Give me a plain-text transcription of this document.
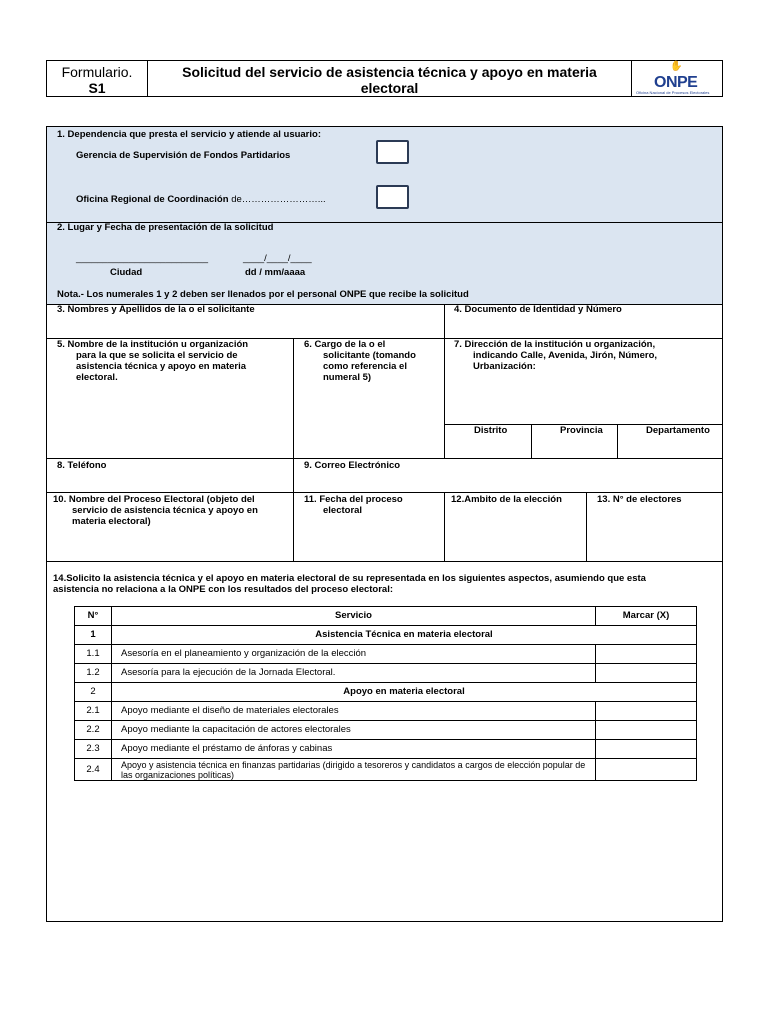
Formulario.
S1
Solicitud del servicio de asistencia técnica y apoyo en materia
electoral
✋
ONPE
Oficina Nacional de Procesos Electorales
1. Dependencia que presta el servicio y atiende al usuario:
Gerencia de Supervisión de Fondos Partidarios
Oficina Regional de Coordinación de……………………...
2. Lugar y Fecha de presentación de la solicitud
_________________________
Ciudad
____/____/____
dd / mm/aaaa
Nota.- Los numerales 1 y 2 deben ser llenados por el personal ONPE que recibe la solicitud
3. Nombres y Apellidos de la o el solicitante	4. Documento de Identidad y Número
5. Nombre de la institución u organización
para la que se solicita el servicio de
asistencia técnica y apoyo en materia
electoral.
6. Cargo de la o el
solicitante (tomando
como referencia el
numeral 5)
7. Dirección de la institución u organización,
indicando Calle, Avenida, Jirón, Número,
Urbanización:
Distrito	Provincia	Departamento
8. Teléfono	9. Correo Electrónico
10. Nombre del Proceso Electoral (objeto del
servicio de asistencia técnica y apoyo en
materia electoral)
11. Fecha del proceso
electoral
12.Ambito de la elección	13. N° de electores
14.Solicito la asistencia técnica y el apoyo en materia electoral de su representada en los siguientes aspectos, asumiendo que esta
asistencia no relaciona a la ONPE con los resultados del proceso electoral:
N°	Servicio	Marcar (X)
1	Asistencia Técnica en materia electoral	
1.1	Asesoría en el planeamiento y organización de la elección	
1.2	Asesoría para la ejecución de la Jornada Electoral.	
2	Apoyo en materia electoral	
2.1	Apoyo mediante el diseño de materiales electorales	
2.2	Apoyo mediante la capacitación de actores electorales	
2.3	Apoyo mediante el préstamo de ánforas y cabinas	
2.4	Apoyo y asistencia técnica en finanzas partidarias (dirigido a tesoreros y candidatos a cargos de elección popular de las organizaciones políticas)	
